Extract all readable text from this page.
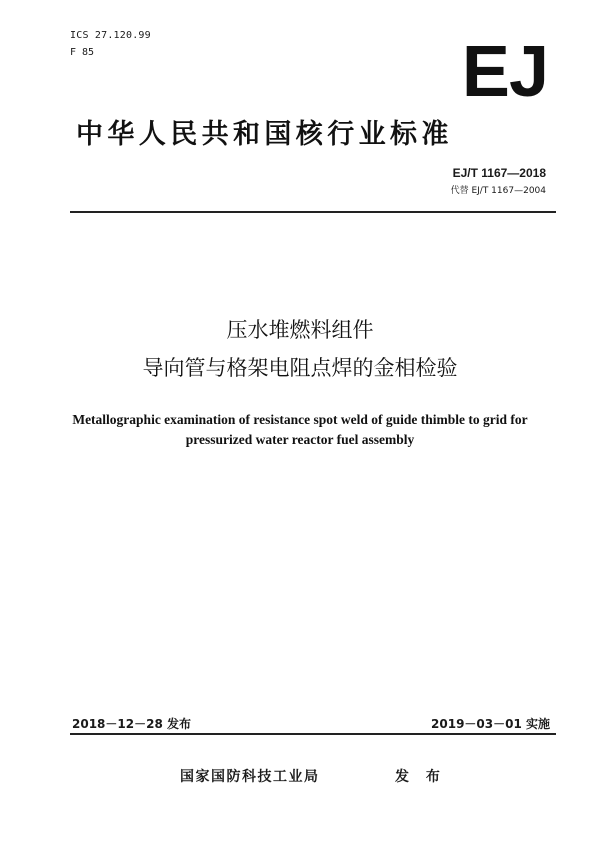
ICS 27.120.99
F 85	EJ
中华人民共和国核行业标准
EJ/T 1167—2018
代替 EJ/T 1167—2004
压水堆燃料组件
导向管与格架电阻点焊的金相检验
Metallographic examination of resistance spot weld of guide thimble to grid for
pressurized water reactor fuel assembly
2018－12－28 发布	2019－03－01 实施
国家国防科技工业局	发 布
